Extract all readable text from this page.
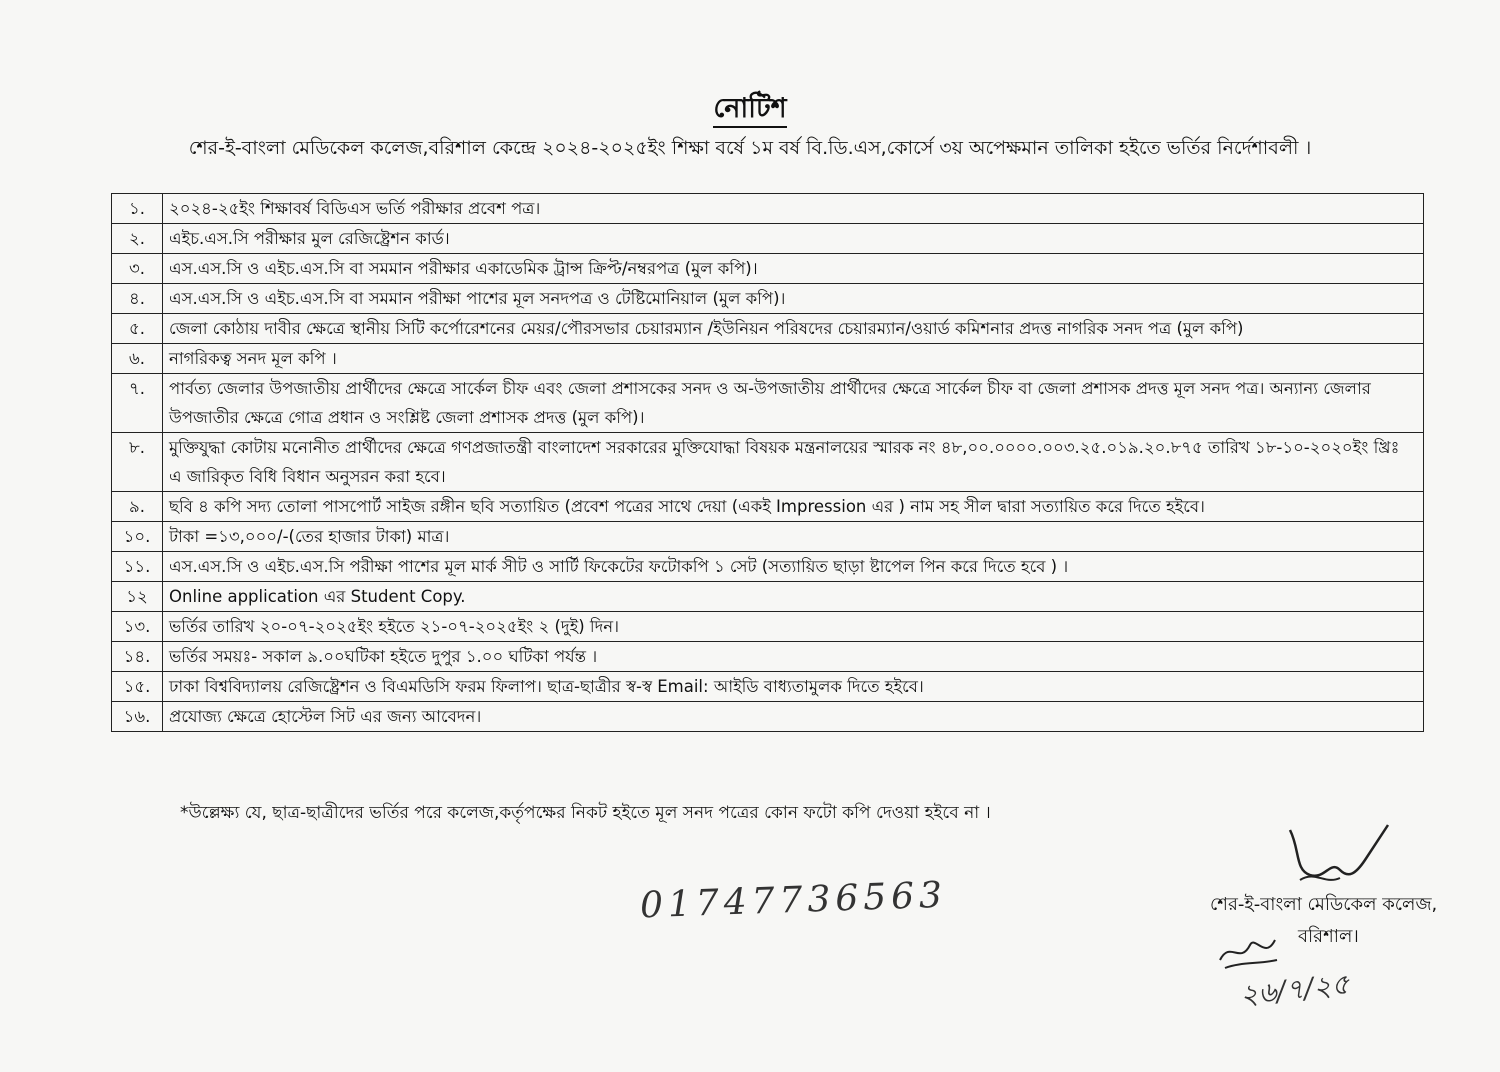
নোটিশ
শের-ই-বাংলা মেডিকেল কলেজ,বরিশাল কেন্দ্রে ২০২৪-২০২৫ইং শিক্ষা বর্ষে ১ম বর্ষ বি.ডি.এস,কোর্সে ৩য় অপেক্ষমান তালিকা হইতে ভর্তির নির্দেশাবলী ।
১.	২০২৪-২৫ইং শিক্ষাবর্ষ বিডিএস ভর্তি পরীক্ষার প্রবেশ পত্র।
২.	এইচ.এস.সি পরীক্ষার মুল রেজিষ্ট্রেশন কার্ড।
৩.	এস.এস.সি ও এইচ.এস.সি বা সমমান পরীক্ষার একাডেমিক ট্রান্স ক্রিপ্ট/নম্বরপত্র (মুল কপি)।
৪.	এস.এস.সি ও এইচ.এস.সি বা সমমান পরীক্ষা পাশের মূল সনদপত্র ও টেষ্টিমোনিয়াল (মুল কপি)।
৫.	জেলা কোঠায় দাবীর ক্ষেত্রে স্থানীয় সিটি কর্পোরেশনের মেয়র/পৌরসভার চেয়ারম্যান /ইউনিয়ন পরিষদের চেয়ারম্যান/ওয়ার্ড কমিশনার প্রদত্ত নাগরিক সনদ পত্র (মুল কপি)
৬.	নাগরিকত্ব সনদ মূল কপি ।
৭.	পার্বত্য জেলার উপজাতীয় প্রার্থীদের ক্ষেত্রে সার্কেল চীফ এবং জেলা প্রশাসকের সনদ ও অ-উপজাতীয় প্রার্থীদের ক্ষেত্রে সার্কেল চীফ বা জেলা প্রশাসক প্রদত্ত মূল সনদ পত্র। অন্যান্য জেলার উপজাতীর ক্ষেত্রে গোত্র প্রধান ও সংশ্লিষ্ট জেলা প্রশাসক প্রদত্ত (মুল কপি)।
৮.	মুক্তিযুদ্ধা কোটায় মনোনীত প্রার্থীদের ক্ষেত্রে গণপ্রজাতন্ত্রী বাংলাদেশ সরকারের মুক্তিযোদ্ধা বিষয়ক মন্ত্রনালয়ের স্মারক নং ৪৮,০০.০০০০.০০৩.২৫.০১৯.২০.৮৭৫ তারিখ ১৮-১০-২০২০ইং খ্রিঃ এ জারিকৃত বিধি বিধান অনুসরন করা হবে।
৯.	ছবি ৪ কপি সদ্য তোলা পাসপোর্ট সাইজ রঙ্গীন ছবি সত্যায়িত (প্রবেশ পত্রের সাথে দেয়া (একই Impression এর ) নাম সহ সীল দ্বারা সত্যায়িত করে দিতে হইবে।
১০.	টাকা =১৩,০০০/-(তের হাজার টাকা) মাত্র।
১১.	এস.এস.সি ও এইচ.এস.সি পরীক্ষা পাশের মূল মার্ক সীট ও সার্টি ফিকেটের ফটোকপি ১ সেট (সত্যায়িত ছাড়া ষ্টাপেল পিন করে দিতে হবে ) ।
১২	Online application এর Student Copy.
১৩.	ভর্তির তারিখ ২০-০৭-২০২৫ইং হইতে ২১-০৭-২০২৫ইং ২ (দুই) দিন।
১৪.	ভর্তির সময়ঃ- সকাল ৯.০০ঘটিকা হইতে দুপুর ১.০০ ঘটিকা পর্যন্ত ।
১৫.	ঢাকা বিশ্ববিদ্যালয় রেজিষ্ট্রেশন ও বিএমডিসি ফরম ফিলাপ। ছাত্র-ছাত্রীর স্ব-স্ব Email: আইডি বাধ্যতামুলক দিতে হইবে।
১৬.	প্রযোজ্য ক্ষেত্রে হোস্টেল সিট এর জন্য আবেদন।
*উল্লেক্ষ্য যে, ছাত্র-ছাত্রীদের ভর্তির পরে কলেজ,কর্তৃপক্ষের নিকট হইতে মূল সনদ পত্রের কোন ফটো কপি দেওয়া হইবে না ।
01747736563	শের-ই-বাংলা মেডিকেল কলেজ,
বরিশাল।
২৬/৭/২৫
